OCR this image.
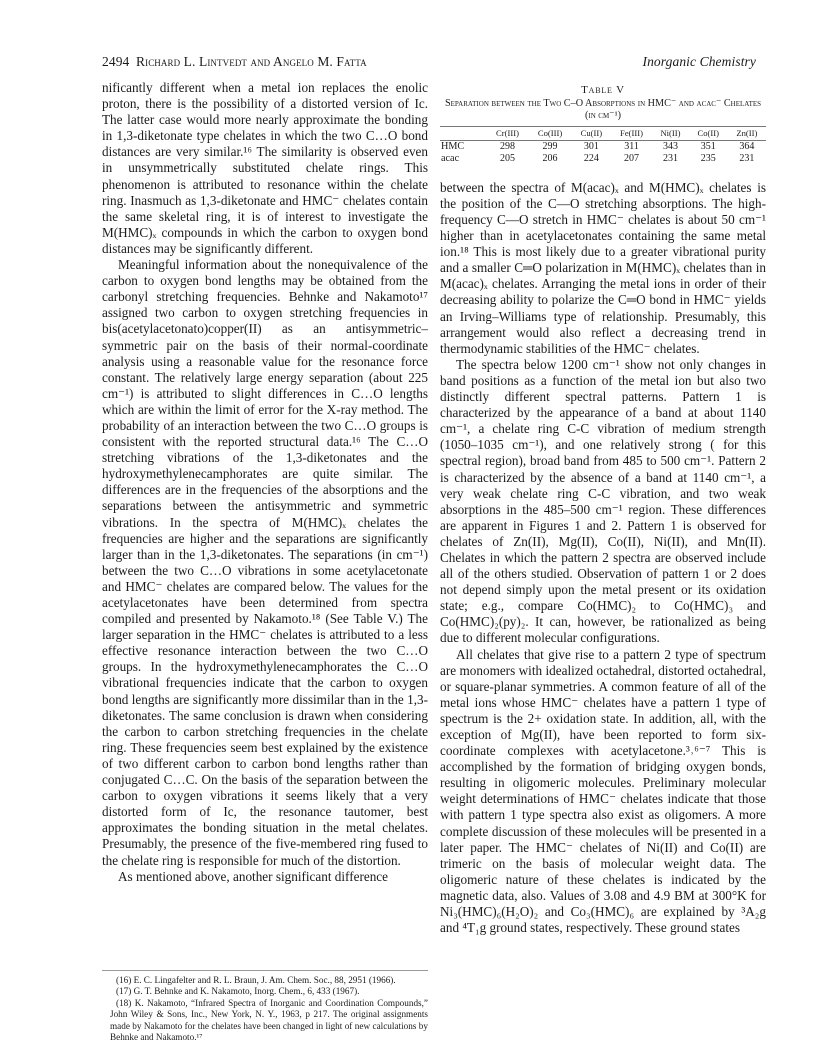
2494 Richard L. Lintvedt and Angelo M. Fatta	Inorganic Chemistry

nificantly different when a metal ion replaces the enolic proton, there is the possibility of a distorted version of Ic. The latter case would more nearly approximate the bonding in 1,3-diketonate type chelates in which the two C…O bond distances are very similar.¹⁶ The similarity is observed even in unsymmetrically substituted chelate rings. This phenomenon is attributed to resonance within the chelate ring. Inasmuch as 1,3-diketonate and HMC⁻ chelates contain the same skeletal ring, it is of interest to investigate the M(HMC)ₓ compounds in which the carbon to oxygen bond distances may be significantly different.

Meaningful information about the nonequivalence of the carbon to oxygen bond lengths may be obtained from the carbonyl stretching frequencies. Behnke and Nakamoto¹⁷ assigned two carbon to oxygen stretching frequencies in bis(acetylacetonato)copper(II) as an antisymmetric–symmetric pair on the basis of their normal-coordinate analysis using a reasonable value for the resonance force constant. The relatively large energy separation (about 225 cm⁻¹) is attributed to slight differences in C…O lengths which are within the limit of error for the X-ray method. The probability of an interaction between the two C…O groups is consistent with the reported structural data.¹⁶ The C…O stretching vibrations of the 1,3-diketonates and the hydroxymethylenecamphorates are quite similar. The differences are in the frequencies of the absorptions and the separations between the antisymmetric and symmetric vibrations. In the spectra of M(HMC)ₓ chelates the frequencies are higher and the separations are significantly larger than in the 1,3-diketonates. The separations (in cm⁻¹) between the two C…O vibrations in some acetylacetonate and HMC⁻ chelates are compared below. The values for the acetylacetonates have been determined from spectra compiled and presented by Nakamoto.¹⁸ (See Table V.) The larger separation in the HMC⁻ chelates is attributed to a less effective resonance interaction between the two C…O groups. In the hydroxymethylenecamphorates the C…O vibrational frequencies indicate that the carbon to oxygen bond lengths are significantly more dissimilar than in the 1,3-diketonates. The same conclusion is drawn when considering the carbon to carbon stretching frequencies in the chelate ring. These frequencies seem best explained by the existence of two different carbon to carbon bond lengths rather than conjugated C…C. On the basis of the separation between the carbon to oxygen vibrations it seems likely that a very distorted form of Ic, the resonance tautomer, best approximates the bonding situation in the metal chelates. Presumably, the presence of the five-membered ring fused to the chelate ring is responsible for much of the distortion.

As mentioned above, another significant difference

(16) E. C. Lingafelter and R. L. Braun, J. Am. Chem. Soc., 88, 2951 (1966).

(17) G. T. Behnke and K. Nakamoto, Inorg. Chem., 6, 433 (1967).

(18) K. Nakamoto, “Infrared Spectra of Inorganic and Coordination Compounds,” John Wiley & Sons, Inc., New York, N. Y., 1963, p 217. The original assignments made by Nakamoto for the chelates have been changed in light of new calculations by Behnke and Nakamoto.¹⁷

Table V
Separation between the Two C–O Absorptions in HMC⁻ and acac⁻ Chelates (in cm⁻¹)
	Cr(III)	Co(III)	Cu(II)	Fe(III)	Ni(II)	Co(II)	Zn(II)
HMC	298	299	301	311	343	351	364
acac	205	206	224	207	231	235	231

between the spectra of M(acac)ₓ and M(HMC)ₓ chelates is the position of the C—O stretching absorptions. The high-frequency C—O stretch in HMC⁻ chelates is about 50 cm⁻¹ higher than in acetylacetonates containing the same metal ion.¹⁸ This is most likely due to a greater vibrational purity and a smaller C═O polarization in M(HMC)ₓ chelates than in M(acac)ₓ chelates. Arranging the metal ions in order of their decreasing ability to polarize the C═O bond in HMC⁻ yields an Irving–Williams type of relationship. Presumably, this arrangement would also reflect a decreasing trend in thermodynamic stabilities of the HMC⁻ chelates.

The spectra below 1200 cm⁻¹ show not only changes in band positions as a function of the metal ion but also two distinctly different spectral patterns. Pattern 1 is characterized by the appearance of a band at about 1140 cm⁻¹, a chelate ring C-C vibration of medium strength (1050–1035 cm⁻¹), and one relatively strong ( for this spectral region), broad band from 485 to 500 cm⁻¹. Pattern 2 is characterized by the absence of a band at 1140 cm⁻¹, a very weak chelate ring C-C vibration, and two weak absorptions in the 485–500 cm⁻¹ region. These differences are apparent in Figures 1 and 2. Pattern 1 is observed for chelates of Zn(II), Mg(II), Co(II), Ni(II), and Mn(II). Chelates in which the pattern 2 spectra are observed include all of the others studied. Observation of pattern 1 or 2 does not depend simply upon the metal present or its oxidation state; e.g., compare Co(HMC)₂ to Co(HMC)₃ and Co(HMC)₂(py)₂. It can, however, be rationalized as being due to different molecular configurations.

All chelates that give rise to a pattern 2 type of spectrum are monomers with idealized octahedral, distorted octahedral, or square-planar symmetries. A common feature of all of the metal ions whose HMC⁻ chelates have a pattern 1 type of spectrum is the 2+ oxidation state. In addition, all, with the exception of Mg(II), have been reported to form six-coordinate complexes with acetylacetone.³˒⁶⁻⁷ This is accomplished by the formation of bridging oxygen bonds, resulting in oligomeric molecules. Preliminary molecular weight determinations of HMC⁻ chelates indicate that those with pattern 1 type spectra also exist as oligomers. A more complete discussion of these molecules will be presented in a later paper. The HMC⁻ chelates of Ni(II) and Co(II) are trimeric on the basis of molecular weight data. The oligomeric nature of these chelates is indicated by the magnetic data, also. Values of 3.08 and 4.9 BM at 300°K for Ni₃(HMC)₆(H₂O)₂ and Co₃(HMC)₆ are explained by ³A₂g and ⁴T₁g ground states, respectively. These ground states
